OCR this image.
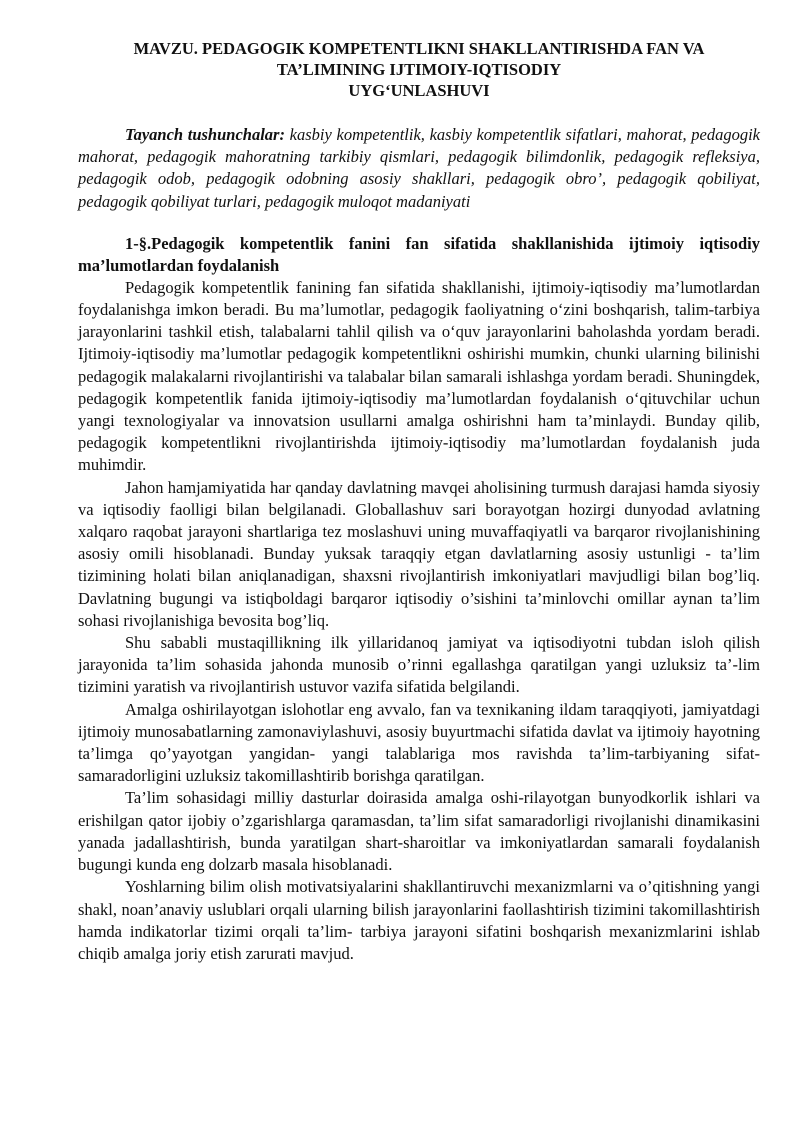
MAVZU. PEDAGOGIK KOMPETENTLIKNI SHAKLLANTIRISHDA FAN VA
TA’LIMINING IJTIMOIY-IQTISODIY
UYG‘UNLASHUVI

Tayanch tushunchalar: kasbiy kompetentlik, kasbiy kompetentlik sifatlari, mahorat, pedagogik mahorat, pedagogik mahoratning tarkibiy qismlari, pedagogik bilimdonlik, pedagogik refleksiya, pedagogik odob, pedagogik odobning asosiy shakllari, pedagogik obro’, pedagogik qobiliyat, pedagogik qobiliyat turlari, pedagogik muloqot madaniyati

1-§.Pedagogik kompetentlik fanini fan sifatida shakllanishida ijtimoiy iqtisodiy ma’lumotlardan foydalanish

Pedagogik kompetentlik fanining fan sifatida shakllanishi, ijtimoiy-iqtisodiy ma’lumotlardan foydalanishga imkon beradi. Bu ma’lumotlar, pedagogik faoliyatning o‘zini boshqarish, talim-tarbiya jarayonlarini tashkil etish, talabalarni tahlil qilish va o‘quv jarayonlarini baholashda yordam beradi. Ijtimoiy-iqtisodiy ma’lumotlar pedagogik kompetentlikni oshirishi mumkin, chunki ularning bilinishi pedagogik malakalarni rivojlantirishi va talabalar bilan samarali ishlashga yordam beradi. Shuningdek, pedagogik kompetentlik fanida ijtimoiy-iqtisodiy ma’lumotlardan foydalanish o‘qituvchilar uchun yangi texnologiyalar va innovatsion usullarni amalga oshirishni ham ta’minlaydi. Bunday qilib, pedagogik kompetentlikni rivojlantirishda ijtimoiy-iqtisodiy ma’lumotlardan foydalanish juda muhimdir.

Jahon hamjamiyatida har qanday davlatning mavqei aholisining turmush darajasi hamda siyosiy va iqtisodiy faolligi bilan belgilanadi. Globallashuv sari borayotgan hozirgi dunyodad avlatning xalqaro raqobat jarayoni shartlariga tez moslashuvi uning muvaffaqiyatli va barqaror rivojlanishining asosiy omili hisoblanadi. Bunday yuksak taraqqiy etgan davlatlarning asosiy ustunligi - ta’lim tizimining holati bilan aniqlanadigan, shaxsni rivojlantirish imkoniyatlari mavjudligi bilan bog’liq. Davlatning bugungi va istiqboldagi barqaror iqtisodiy o’sishini ta’minlovchi omillar aynan ta’lim sohasi rivojlanishiga bevosita bog’liq.

Shu sababli mustaqillikning ilk yillaridanoq jamiyat va iqtisodiyotni tubdan isloh qilish jarayonida ta’lim sohasida jahonda munosib o’rinni egallashga qaratilgan yangi uzluksiz ta’-lim tizimini yaratish va rivojlantirish ustuvor vazifa sifatida belgilandi.

Amalga oshirilayotgan islohotlar eng avvalo, fan va texnikaning ildam taraqqiyoti, jamiyatdagi ijtimoiy munosabatlarning zamonaviylashuvi, asosiy buyurtmachi sifatida davlat va ijtimoiy hayotning ta’limga qo’yayotgan yangidan- yangi talablariga mos ravishda ta’lim-tarbiyaning sifat-samaradorligini uzluksiz takomillashtirib borishga qaratilgan.

Ta’lim sohasidagi milliy dasturlar doirasida amalga oshi-rilayotgan bunyodkorlik ishlari va erishilgan qator ijobiy o’zgarishlarga qaramasdan, ta’lim sifat samaradorligi rivojlanishi dinamikasini yanada jadallashtirish, bunda yaratilgan shart-sharoitlar va imkoniyatlardan samarali foydalanish bugungi kunda eng dolzarb masala hisoblanadi.

Yoshlarning bilim olish motivatsiyalarini shakllantiruvchi mexanizmlarni va o’qitishning yangi shakl, noan’anaviy uslublari orqali ularning bilish jarayonlarini faollashtirish tizimini takomillashtirish hamda indikatorlar tizimi orqali ta’lim- tarbiya jarayoni sifatini boshqarish mexanizmlarini ishlab chiqib amalga joriy etish zarurati mavjud.
